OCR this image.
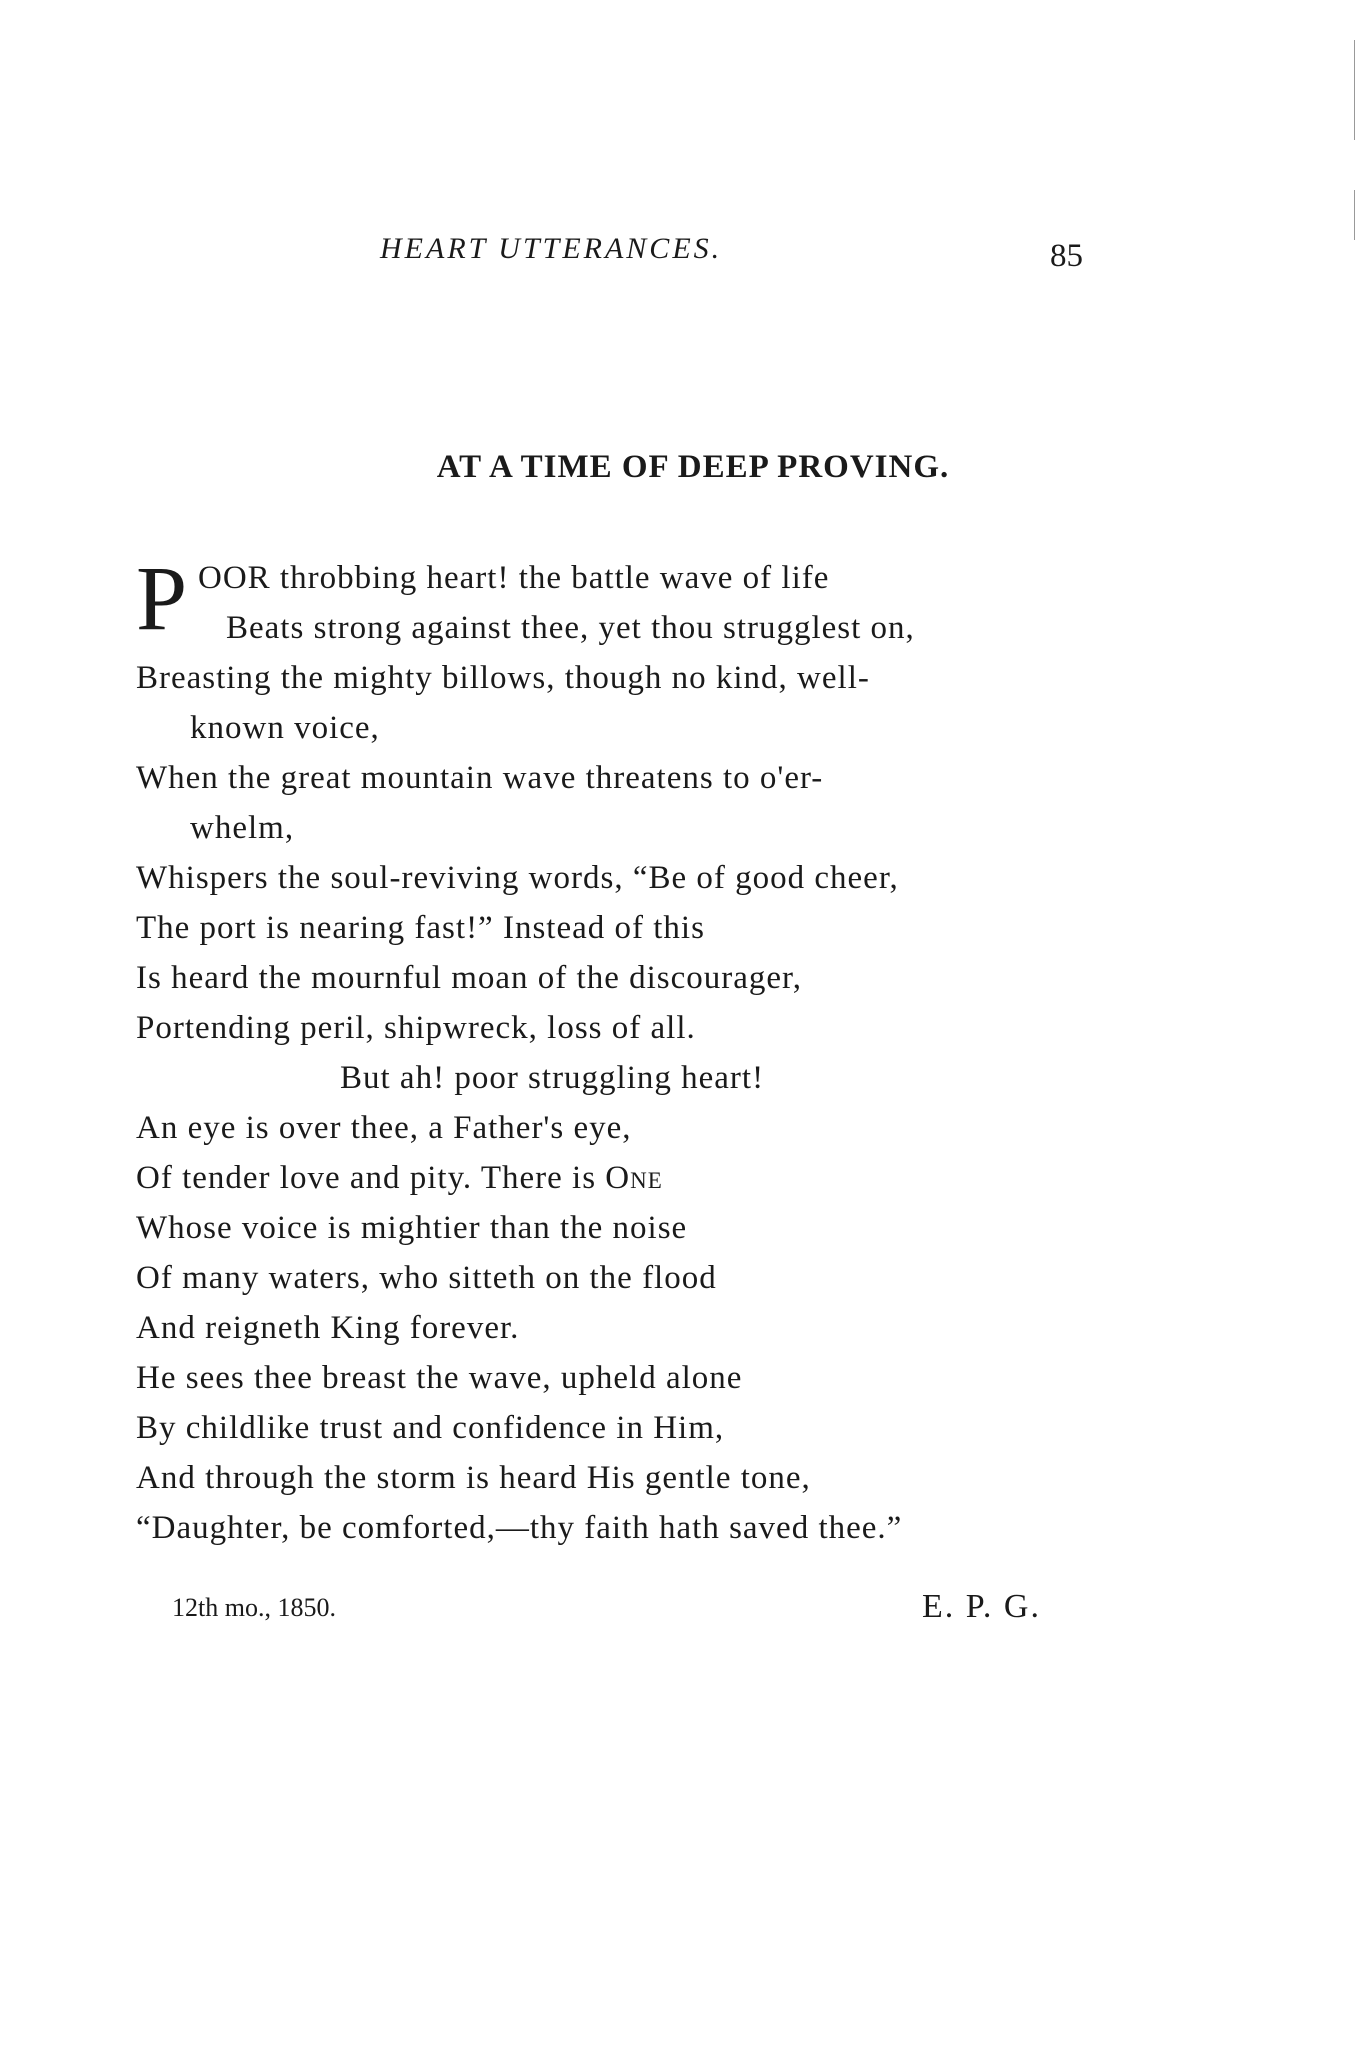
HEART UTTERANCES.	85
AT A TIME OF DEEP PROVING.
P OOR throbbing heart! the battle wave of life
Beats strong against thee, yet thou strugglest on,
Breasting the mighty billows, though no kind, well-
known voice,
When the great mountain wave threatens to o'er-
whelm,
Whispers the soul-reviving words, “Be of good cheer,
The port is nearing fast!” Instead of this
Is heard the mournful moan of the discourager,
Portending peril, shipwreck, loss of all.
But ah! poor struggling heart!
An eye is over thee, a Father's eye,
Of tender love and pity. There is One
Whose voice is mightier than the noise
Of many waters, who sitteth on the flood
And reigneth King forever.
He sees thee breast the wave, upheld alone
By childlike trust and confidence in Him,
And through the storm is heard His gentle tone,
“Daughter, be comforted,—thy faith hath saved thee.”
12th mo., 1850.	E. P. G.
